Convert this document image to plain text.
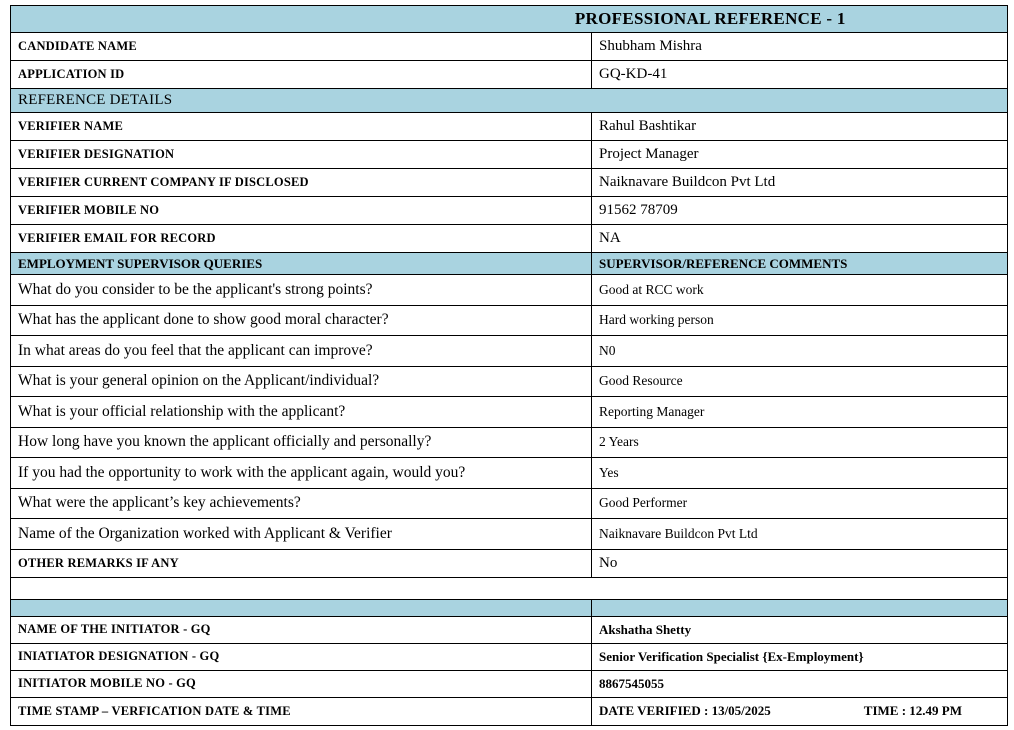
PROFESSIONAL REFERENCE - 1	

CANDIDATE NAME	Shubham Mishra
APPLICATION ID	GQ-KD-41
REFERENCE DETAILS	
VERIFIER NAME	Rahul Bashtikar
VERIFIER DESIGNATION	Project Manager
VERIFIER CURRENT COMPANY IF DISCLOSED	Naiknavare Buildcon Pvt Ltd
VERIFIER MOBILE NO	91562 78709
VERIFIER EMAIL FOR RECORD	NA
EMPLOYMENT SUPERVISOR QUERIES	SUPERVISOR/REFERENCE COMMENTS
What do you consider to be the applicant's strong points?	Good at RCC work
What has the applicant done to show good moral character?	Hard working person
In what areas do you feel that the applicant can improve?	N0
What is your general opinion on the Applicant/individual?	Good Resource
What is your official relationship with the applicant?	Reporting Manager
How long have you known the applicant officially and personally?	2 Years
If you had the opportunity to work with the applicant again, would you?	Yes
What were the applicant’s key achievements?	Good Performer
Name of the Organization worked with Applicant & Verifier	Naiknavare Buildcon Pvt Ltd
OTHER REMARKS IF ANY	No

NAME OF THE INITIATOR - GQ	Akshatha Shetty
INIATIATOR DESIGNATION - GQ	Senior Verification Specialist {Ex-Employment}
INITIATOR MOBILE NO - GQ	8867545055
TIME STAMP – VERFICATION DATE & TIME	DATE VERIFIED : 13/05/2025 TIME : 12.49 PM
